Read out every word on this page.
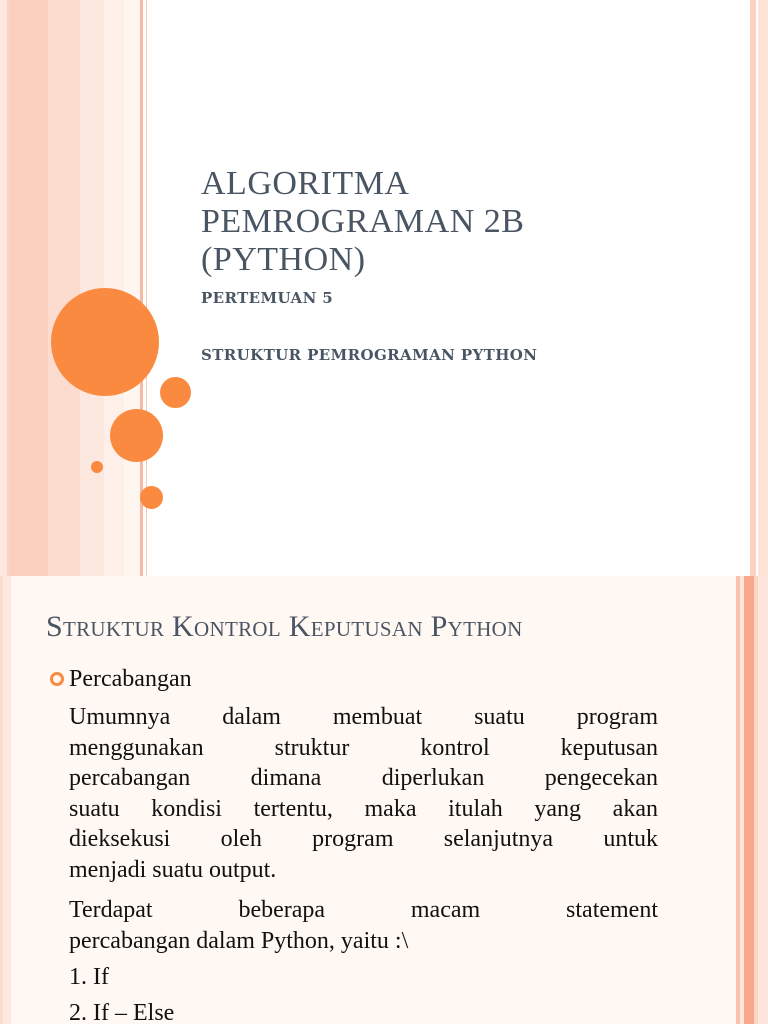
ALGORITMA
PEMROGRAMAN 2B
(PYTHON)

PERTEMUAN 5

STRUKTUR PEMROGRAMAN PYTHON

Struktur Kontrol Keputusan Python

Percabangan

Umumnya dalam membuat suatu program
menggunakan struktur kontrol keputusan
percabangan dimana diperlukan pengecekan
suatu kondisi tertentu, maka itulah yang akan
dieksekusi oleh program selanjutnya untuk
menjadi suatu output.

Terdapat beberapa macam statement
percabangan dalam Python, yaitu :\

1. If

2. If – Else
